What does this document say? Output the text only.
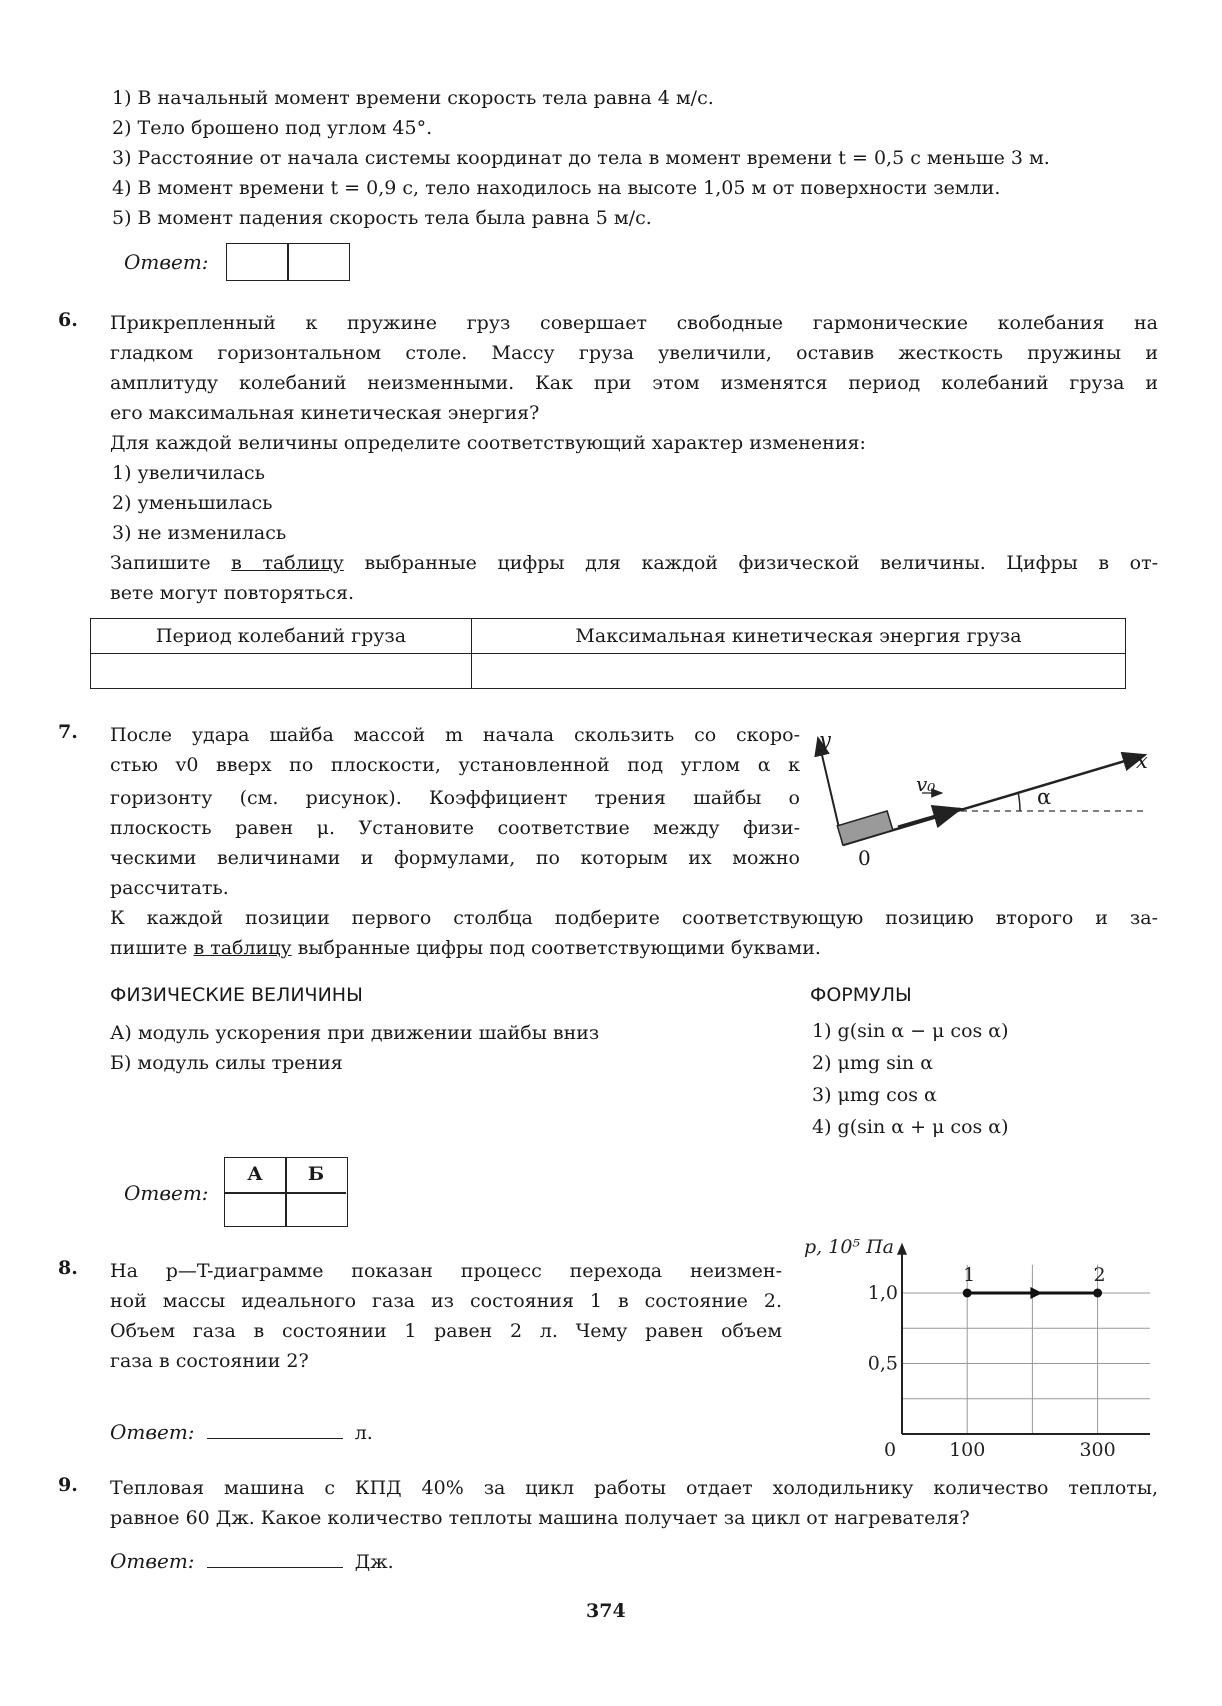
1) В начальный момент времени скорость тела равна 4 м/с.
2) Тело брошено под углом 45°.
3) Расстояние от начала системы координат до тела в момент времени t = 0,5 с меньше 3 м.
4) В момент времени t = 0,9 с, тело находилось на высоте 1,05 м от поверхности земли.
5) В момент падения скорость тела была равна 5 м/с.
Ответ:
6. Прикрепленный к пружине груз совершает свободные гармонические колебания на
гладком горизонтальном столе. Массу груза увеличили, оставив жесткость пружины и
амплитуду колебаний неизменными. Как при этом изменятся период колебаний груза и
его максимальная кинетическая энергия?
Для каждой величины определите соответствующий характер изменения:
1) увеличилась
2) уменьшилась
3) не изменилась
Запишите в таблицу выбранные цифры для каждой физической величины. Цифры в от-
вете могут повторяться.
Период колебаний груза	Максимальная кинетическая энергия груза

7. После удара шайба массой m начала скользить со скоро-
стью v0 вверх по плоскости, установленной под углом α к
горизонту (см. рисунок). Коэффициент трения шайбы о
плоскость равен μ. Установите соответствие между физи-
ческими величинами и формулами, по которым их можно
рассчитать.
К каждой позиции первого столбца подберите соответствующую позицию второго и за-
пишите в таблицу выбранные цифры под соответствующими буквами.
y
x
v₀
α
0
ФИЗИЧЕСКИЕ ВЕЛИЧИНЫ	ФОРМУЛЫ
А) модуль ускорения при движении шайбы вниз
Б) модуль силы трения
1) g(sin α − μ cos α)
2) μmg sin α
3) μmg cos α
4) g(sin α + μ cos α)
Ответ:
А	Б
8. На p—T-диаграмме показан процесс перехода неизмен-
ной массы идеального газа из состояния 1 в состояние 2.
Объем газа в состоянии 1 равен 2 л. Чему равен объем
газа в состоянии 2?
Ответ:	л.
0	100	300
0,5
1,0
p, 10⁵ Па
1	2
9. Тепловая машина с КПД 40% за цикл работы отдает холодильнику количество теплоты,
равное 60 Дж. Какое количество теплоты машина получает за цикл от нагревателя?
Ответ:	Дж.
374
